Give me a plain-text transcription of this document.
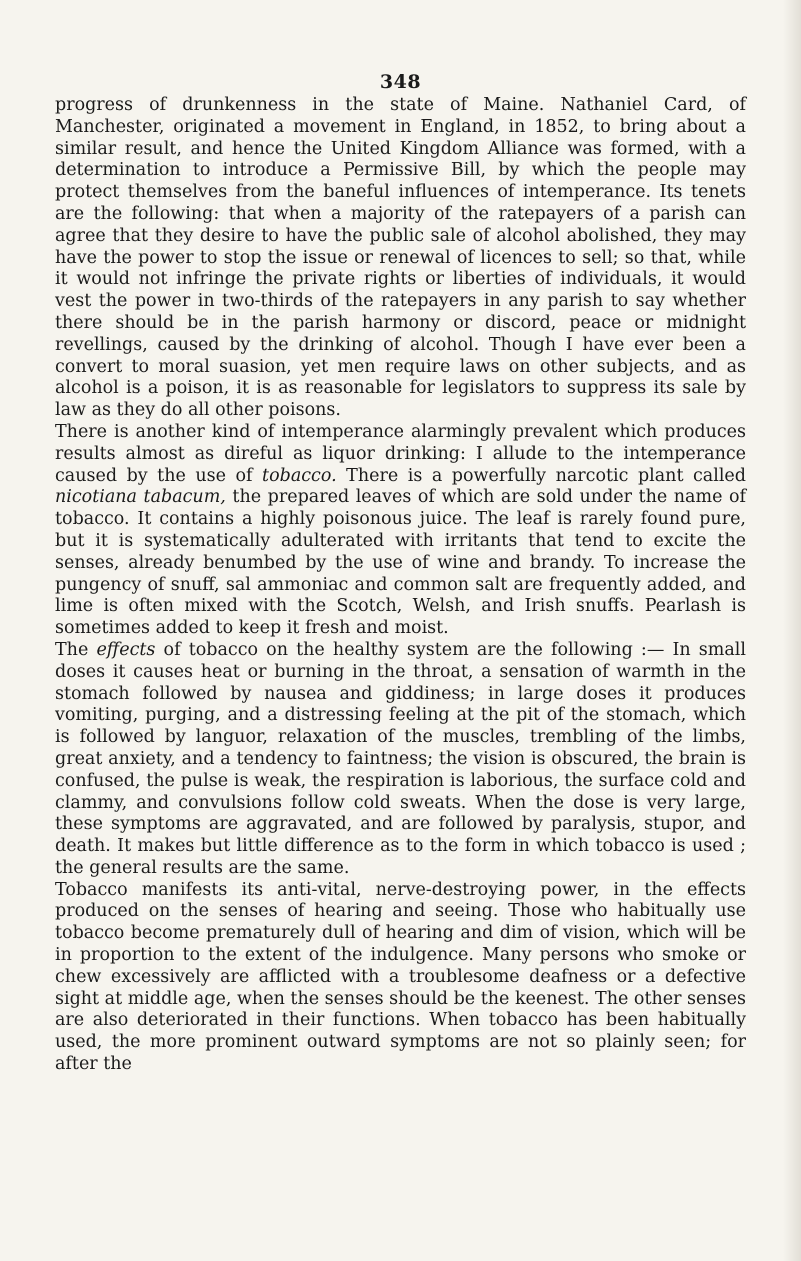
348

progress of drunkenness in the state of Maine. Nathaniel Card, of Manchester, originated a movement in England, in 1852, to bring about a similar result, and hence the United Kingdom Alliance was formed, with a determination to introduce a Permissive Bill, by which the people may protect themselves from the baneful influences of intemperance. Its tenets are the following: that when a majority of the ratepayers of a parish can agree that they desire to have the public sale of alcohol abolished, they may have the power to stop the issue or renewal of licences to sell; so that, while it would not infringe the private rights or liberties of individuals, it would vest the power in two-thirds of the ratepayers in any parish to say whether there should be in the parish harmony or discord, peace or midnight revellings, caused by the drinking of alcohol. Though I have ever been a convert to moral suasion, yet men require laws on other subjects, and as alcohol is a poison, it is as reasonable for legislators to suppress its sale by law as they do all other poisons.

There is another kind of intemperance alarmingly prevalent which produces results almost as direful as liquor drinking: I allude to the intemperance caused by the use of tobacco. There is a powerfully narcotic plant called nicotiana tabacum, the prepared leaves of which are sold under the name of tobacco. It contains a highly poisonous juice. The leaf is rarely found pure, but it is systematically adulterated with irritants that tend to excite the senses, already benumbed by the use of wine and brandy. To increase the pungency of snuff, sal ammoniac and common salt are frequently added, and lime is often mixed with the Scotch, Welsh, and Irish snuffs. Pearlash is sometimes added to keep it fresh and moist.

The effects of tobacco on the healthy system are the following :— In small doses it causes heat or burning in the throat, a sensation of warmth in the stomach followed by nausea and giddiness; in large doses it produces vomiting, purging, and a distressing feeling at the pit of the stomach, which is followed by languor, relaxation of the muscles, trembling of the limbs, great anxiety, and a tendency to faintness; the vision is obscured, the brain is confused, the pulse is weak, the respiration is laborious, the surface cold and clammy, and convulsions follow cold sweats. When the dose is very large, these symptoms are aggravated, and are followed by paralysis, stupor, and death. It makes but little difference as to the form in which tobacco is used ; the general results are the same.

Tobacco manifests its anti-vital, nerve-destroying power, in the effects produced on the senses of hearing and seeing. Those who habitually use tobacco become prematurely dull of hearing and dim of vision, which will be in proportion to the extent of the indulgence. Many persons who smoke or chew excessively are afflicted with a troublesome deafness or a defective sight at middle age, when the senses should be the keenest. The other senses are also deteriorated in their functions. When tobacco has been habitually used, the more prominent outward symptoms are not so plainly seen; for after the
